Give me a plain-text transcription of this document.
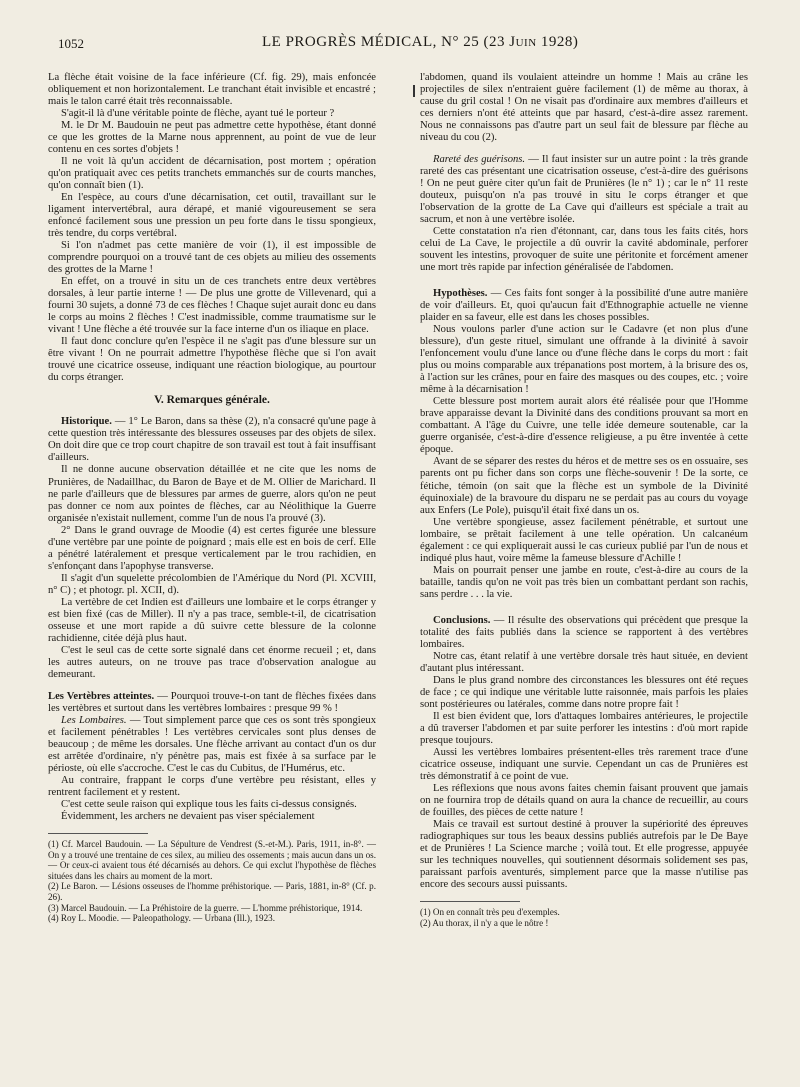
1052	LE PROGRÈS MÉDICAL, N° 25 (23 Juin 1928)

La flèche était voisine de la face inférieure (Cf. fig. 29), mais enfoncée obliquement et non horizontalement. Le tranchant était invisible et encastré ; mais le talon carré était très reconnaissable.

S'agit-il là d'une véritable pointe de flèche, ayant tué le porteur ?

M. le Dr M. Baudouin ne peut pas admettre cette hypothèse, étant donné ce que les grottes de la Marne nous apprennent, au point de vue de leur contenu en ces sortes d'objets !

Il ne voit là qu'un accident de décarnisation, post mortem ; opération qu'on pratiquait avec ces petits tranchets emmanchés sur de courts manches, qu'on connaît bien (1).

En l'espèce, au cours d'une décarnisation, cet outil, travaillant sur le ligament intervertébral, aura dérapé, et manié vigoureusement se sera enfoncé facilement sous une pression un peu forte dans le tissu spongieux, très tendre, du corps vertébral.

Si l'on n'admet pas cette manière de voir (1), il est impossible de comprendre pourquoi on a trouvé tant de ces objets au milieu des ossements des grottes de la Marne !

En effet, on a trouvé in situ un de ces tranchets entre deux vertèbres dorsales, à leur partie interne ! — De plus une grotte de Villevenard, qui a fourni 30 sujets, a donné 73 de ces flèches ! Chaque sujet aurait donc eu dans le corps au moins 2 flèches ! C'est inadmissible, comme traumatisme sur le vivant ! Une flèche a été trouvée sur la face interne d'un os iliaque en place.

Il faut donc conclure qu'en l'espèce il ne s'agit pas d'une blessure sur un être vivant ! On ne pourrait admettre l'hypothèse flèche que si l'on avait trouvé une cicatrice osseuse, indiquant une réaction biologique, au pourtour du corps étranger.

V. Remarques générale.

Historique. — 1° Le Baron, dans sa thèse (2), n'a consacré qu'une page à cette question très intéressante des blessures osseuses par des objets de silex. On doit dire que ce trop court chapitre de son travail est tout à fait insuffisant d'ailleurs.

Il ne donne aucune observation détaillée et ne cite que les noms de Prunières, de Nadaillhac, du Baron de Baye et de M. Ollier de Marichard. Il ne parle d'ailleurs que de blessures par armes de guerre, alors qu'on ne peut pas donner ce nom aux pointes de flèches, car au Néolithique la Guerre organisée n'existait nullement, comme l'un de nous l'a prouvé (3).

2° Dans le grand ouvrage de Moodie (4) est certes figurée une blessure d'une vertèbre par une pointe de poignard ; mais elle est en bois de cerf. Elle a pénétré latéralement et presque verticalement par le trou rachidien, en s'enfonçant dans l'apophyse transverse.

Il s'agit d'un squelette précolombien de l'Amérique du Nord (Pl. XCVIII, n° C) ; et photogr. pl. XCII, d).

La vertèbre de cet Indien est d'ailleurs une lombaire et le corps étranger y est bien fixé (cas de Miller). Il n'y a pas trace, semble-t-il, de cicatrisation osseuse et une mort rapide a dû suivre cette blessure de la colonne rachidienne, citée déjà plus haut.

C'est le seul cas de cette sorte signalé dans cet énorme recueil ; et, dans les autres auteurs, on ne trouve pas trace d'observation analogue au demeurant.

Les Vertèbres atteintes. — Pourquoi trouve-t-on tant de flèches fixées dans les vertèbres et surtout dans les vertèbres lombaires : presque 99 % !

Les Lombaires. — Tout simplement parce que ces os sont très spongieux et facilement pénétrables ! Les vertèbres cervicales sont plus denses de beaucoup ; de même les dorsales. Une flèche arrivant au contact d'un os dur est arrêtée d'ordinaire, n'y pénètre pas, mais est fixée à sa surface par le périoste, où elle s'accroche. C'est le cas du Cubitus, de l'Humérus, etc.

Au contraire, frappant le corps d'une vertèbre peu résistant, elles y rentrent facilement et y restent.

C'est cette seule raison qui explique tous les faits ci-dessus consignés.

Évidemment, les archers ne devaient pas viser spécialement

(1) Cf. Marcel Baudouin. — La Sépulture de Vendrest (S.-et-M.). Paris, 1911, in-8°. — On y a trouvé une trentaine de ces silex, au milieu des ossements ; mais aucun dans un os. — Or ceux-ci avaient tous été décarnisés au dehors. Ce qui exclut l'hypothèse de flèches situées dans les chairs au moment de la mort.

(2) Le Baron. — Lésions osseuses de l'homme préhistorique. — Paris, 1881, in-8° (Cf. p. 26).

(3) Marcel Baudouin. — La Préhistoire de la guerre. — L'homme préhistorique, 1914.

(4) Roy L. Moodie. — Paleopathology. — Urbana (Ill.), 1923.

l'abdomen, quand ils voulaient atteindre un homme ! Mais au crâne les projectiles de silex n'entraient guère facilement (1) de même au thorax, à cause du gril costal ! On ne visait pas d'ordinaire aux membres d'ailleurs et ces derniers n'ont été atteints que par hasard, c'est-à-dire assez rarement. Nous ne connaissons pas d'autre part un seul fait de blessure par flèche au niveau du cou (2).

Rareté des guérisons. — Il faut insister sur un autre point : la très grande rareté des cas présentant une cicatrisation osseuse, c'est-à-dire des guérisons ! On ne peut guère citer qu'un fait de Prunières (le n° 1) ; car le n° 11 reste douteux, puisqu'on n'a pas trouvé in situ le corps étranger et que l'observation de la grotte de La Cave qui d'ailleurs est spéciale a trait au sacrum, et non à une vertèbre isolée.

Cette constatation n'a rien d'étonnant, car, dans tous les faits cités, hors celui de La Cave, le projectile a dû ouvrir la cavité abdominale, perforer souvent les intestins, provoquer de suite une péritonite et forcément amener une mort très rapide par infection généralisée de l'abdomen.

Hypothèses. — Ces faits font songer à la possibilité d'une autre manière de voir d'ailleurs. Et, quoi qu'aucun fait d'Ethnographie actuelle ne vienne plaider en sa faveur, elle est dans les choses possibles.

Nous voulons parler d'une action sur le Cadavre (et non plus d'une blessure), d'un geste rituel, simulant une offrande à la divinité à savoir l'enfoncement voulu d'une lance ou d'une flèche dans le corps du mort : fait plus ou moins comparable aux trépanations post mortem, à la brisure des os, à l'action sur les crânes, pour en faire des masques ou des coupes, etc. ; voire même à la décarnisation !

Cette blessure post mortem aurait alors été réalisée pour que l'Homme brave apparaisse devant la Divinité dans des conditions prouvant sa mort en combattant. A l'âge du Cuivre, une telle idée demeure soutenable, car la guerre organisée, c'est-à-dire d'essence religieuse, a pu être inventée à cette époque.

Avant de se séparer des restes du héros et de mettre ses os en ossuaire, ses parents ont pu ficher dans son corps une flèche-souvenir ! De la sorte, ce fétiche, témoin (on sait que la flèche est un symbole de la Divinité équinoxiale) de la bravoure du disparu ne se perdait pas au cours du voyage aux Enfers (Le Pole), puisqu'il était fixé dans un os.

Une vertèbre spongieuse, assez facilement pénétrable, et surtout une lombaire, se prêtait facilement à une telle opération. Un calcanéum également : ce qui expliquerait aussi le cas curieux publié par l'un de nous et indiqué plus haut, voire même la fameuse blessure d'Achille !

Mais on pourrait penser une jambe en route, c'est-à-dire au cours de la bataille, tandis qu'on ne voit pas très bien un combattant perdant son rachis, sans perdre . . . la vie.

Conclusions. — Il résulte des observations qui précèdent que presque la totalité des faits publiés dans la science se rapportent à des vertèbres lombaires.

Notre cas, étant relatif à une vertèbre dorsale très haut située, en devient d'autant plus intéressant.

Dans le plus grand nombre des circonstances les blessures ont été reçues de face ; ce qui indique une véritable lutte raisonnée, mais parfois les plaies sont postérieures ou latérales, comme dans notre propre fait !

Il est bien évident que, lors d'attaques lombaires antérieures, le projectile a dû traverser l'abdomen et par suite perforer les intestins : d'où mort rapide presque toujours.

Aussi les vertèbres lombaires présentent-elles très rarement trace d'une cicatrice osseuse, indiquant une survie. Cependant un cas de Prunières est très démonstratif à ce point de vue.

Les réflexions que nous avons faites chemin faisant prouvent que jamais on ne fournira trop de détails quand on aura la chance de recueillir, au cours de fouilles, des pièces de cette nature !

Mais ce travail est surtout destiné à prouver la supériorité des épreuves radiographiques sur tous les beaux dessins publiés autrefois par le De Baye et de Prunières ! La Science marche ; voilà tout. Et elle progresse, appuyée sur les techniques nouvelles, qui soutiennent désormais solidement ses pas, paraissant parfois aventurés, simplement parce que la masse n'utilise pas encore des secours aussi puissants.

(1) On en connaît très peu d'exemples.

(2) Au thorax, il n'y a que le nôtre !
